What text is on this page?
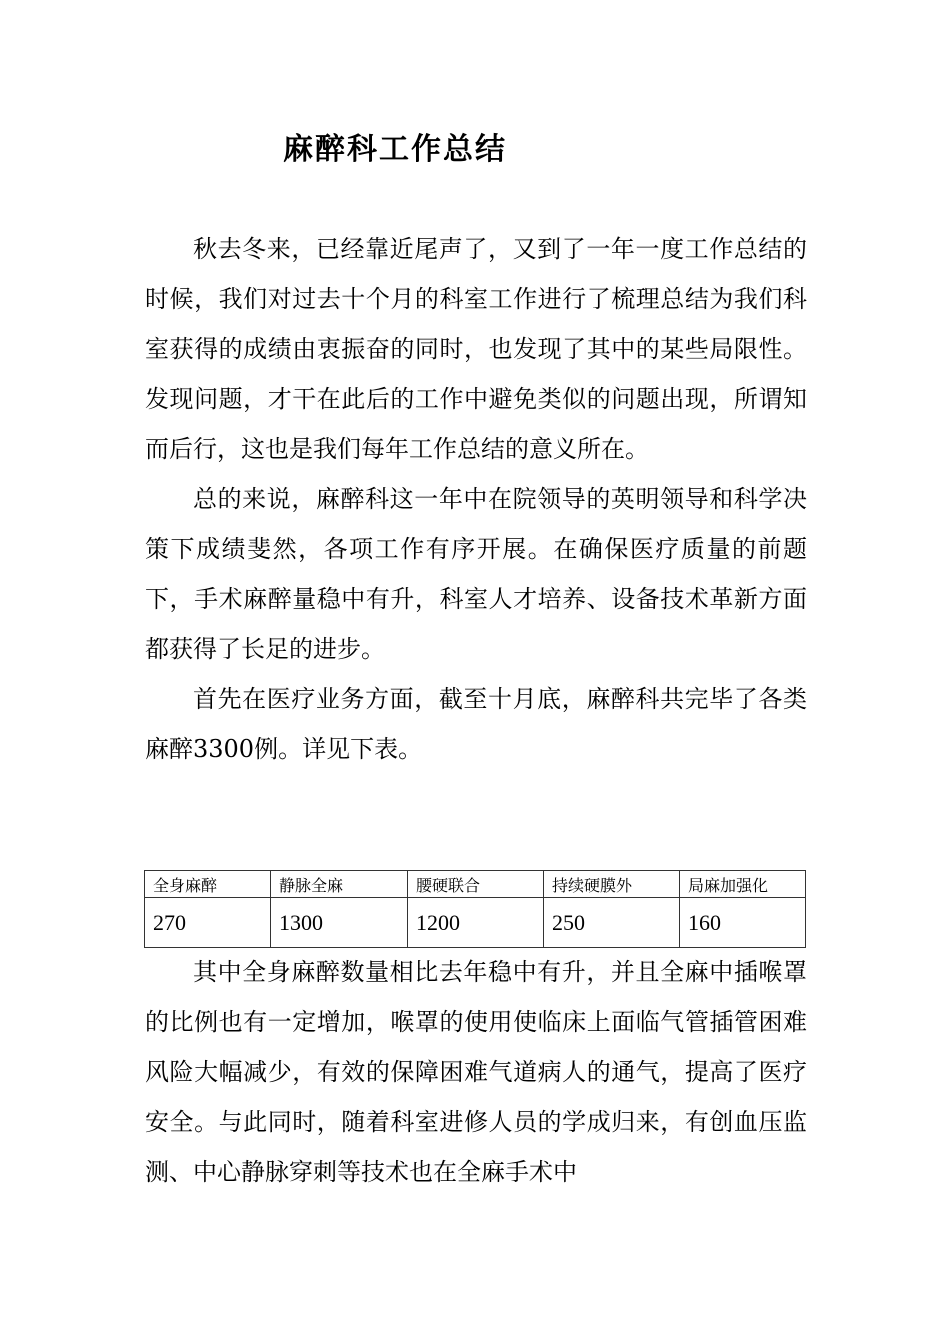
麻醉科工作总结

秋去冬来，已经靠近尾声了，又到了一年一度工作总结的时候，我们对过去十个月的科室工作进行了梳理总结为我们科室获得的成绩由衷振奋的同时，也发现了其中的某些局限性。发现问题，才干在此后的工作中避免类似的问题出现，所谓知而后行，这也是我们每年工作总结的意义所在。

总的来说，麻醉科这一年中在院领导的英明领导和科学决策下成绩斐然，各项工作有序开展。在确保医疗质量的前题下，手术麻醉量稳中有升，科室人才培养、设备技术革新方面都获得了长足的进步。

首先在医疗业务方面，截至十月底，麻醉科共完毕了各类麻醉3300例。详见下表。

全身麻醉	静脉全麻	腰硬联合	持续硬膜外	局麻加强化
270	1300	1200	250	160

其中全身麻醉数量相比去年稳中有升，并且全麻中插喉罩的比例也有一定增加，喉罩的使用使临床上面临气管插管困难风险大幅减少，有效的保障困难气道病人的通气，提高了医疗安全。与此同时，随着科室进修人员的学成归来，有创血压监测、中心静脉穿刺等技术也在全麻手术中
